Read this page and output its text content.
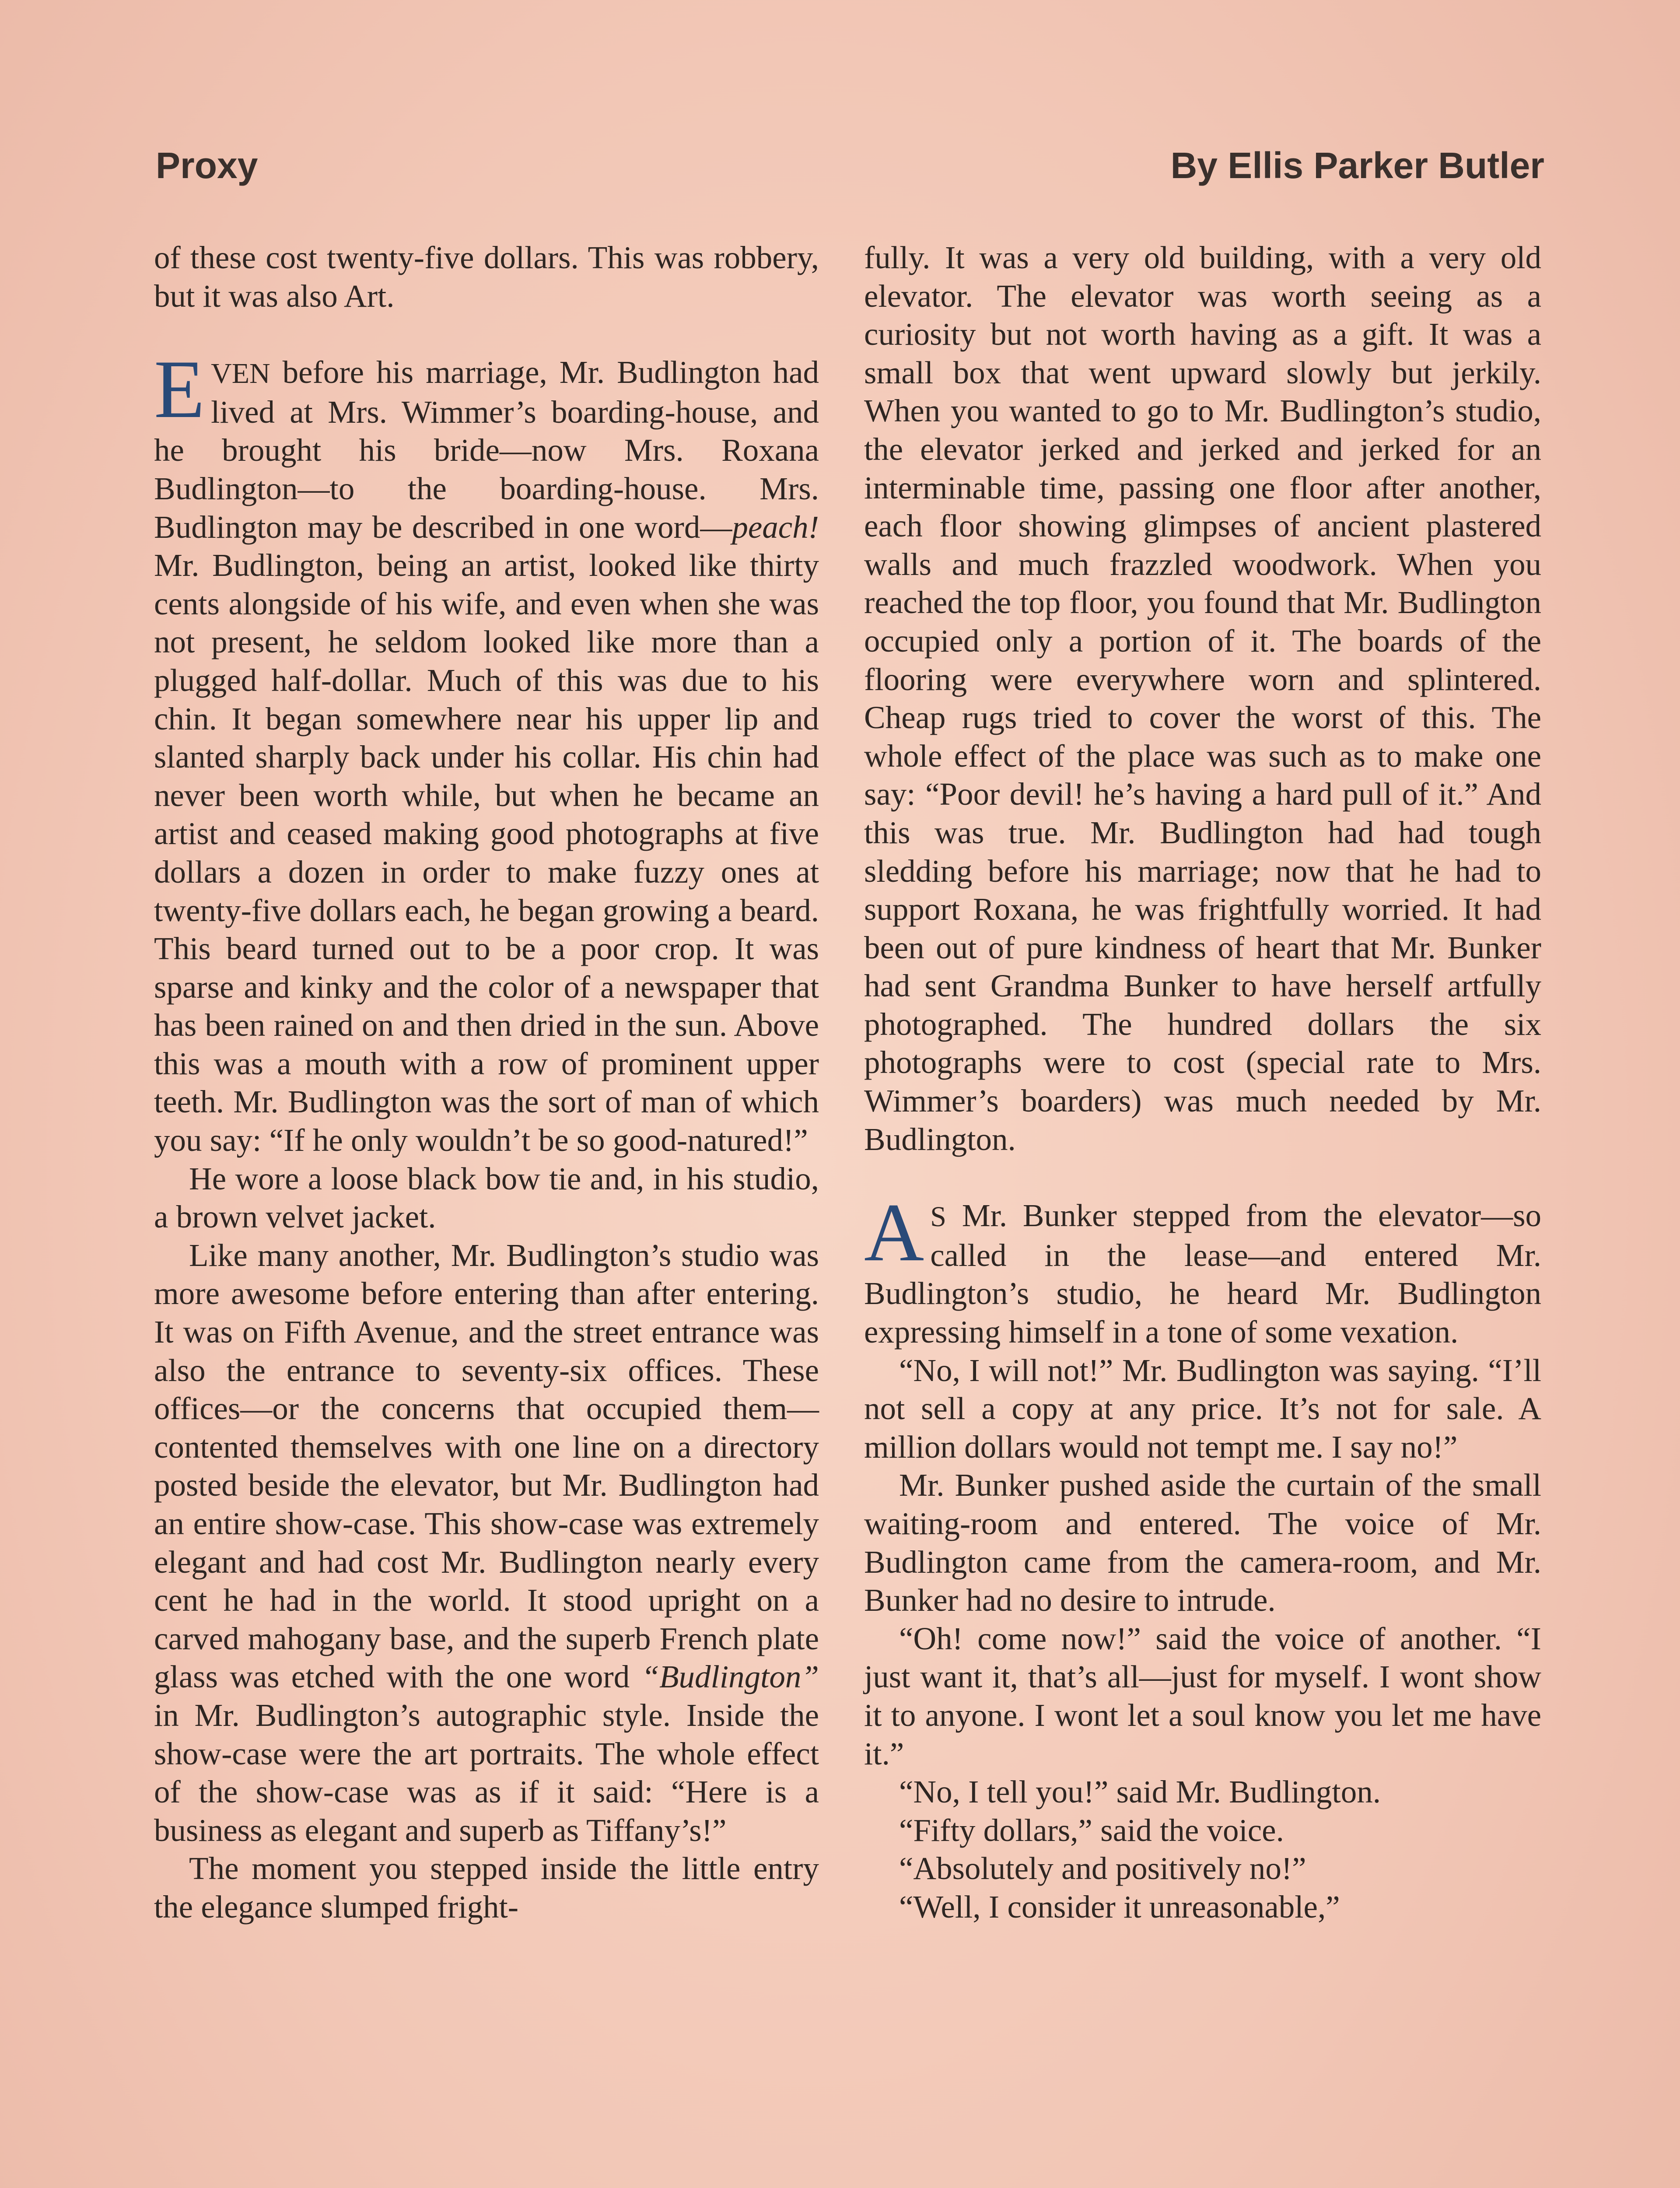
Proxy	By Ellis Parker Butler

of these cost twenty-five dollars. This was robbery, but it was also Art.

EVEN before his marriage, Mr. Budlington had lived at Mrs. Wimmer’s boarding-house, and he brought his bride—now Mrs. Roxana Budlington—to the boarding-house. Mrs. Budlington may be described in one word—peach! Mr. Budlington, being an artist, looked like thirty cents alongside of his wife, and even when she was not present, he seldom looked like more than a plugged half-dollar. Much of this was due to his chin. It began somewhere near his upper lip and slanted sharply back under his collar. His chin had never been worth while, but when he became an artist and ceased making good photographs at five dollars a dozen in order to make fuzzy ones at twenty-five dollars each, he began growing a beard. This beard turned out to be a poor crop. It was sparse and kinky and the color of a newspaper that has been rained on and then dried in the sun. Above this was a mouth with a row of prominent upper teeth. Mr. Budlington was the sort of man of which you say: “If he only wouldn’t be so good-natured!”

He wore a loose black bow tie and, in his studio, a brown velvet jacket.

Like many another, Mr. Budlington’s studio was more awesome before entering than after entering. It was on Fifth Avenue, and the street entrance was also the entrance to seventy-six offices. These offices—or the concerns that occupied them—contented themselves with one line on a directory posted beside the elevator, but Mr. Budlington had an entire show-case. This show-case was extremely elegant and had cost Mr. Budlington nearly every cent he had in the world. It stood upright on a carved mahogany base, and the superb French plate glass was etched with the one word “Budlington” in Mr. Budlington’s autographic style. Inside the show-case were the art portraits. The whole effect of the show-case was as if it said: “Here is a business as elegant and superb as Tiffany’s!”

The moment you stepped inside the little entry the elegance slumped fright-

fully. It was a very old building, with a very old elevator. The elevator was worth seeing as a curiosity but not worth having as a gift. It was a small box that went upward slowly but jerkily. When you wanted to go to Mr. Budlington’s studio, the elevator jerked and jerked and jerked for an interminable time, passing one floor after another, each floor showing glimpses of ancient plastered walls and much frazzled woodwork. When you reached the top floor, you found that Mr. Budlington occupied only a portion of it. The boards of the flooring were everywhere worn and splintered. Cheap rugs tried to cover the worst of this. The whole effect of the place was such as to make one say: “Poor devil! he’s having a hard pull of it.” And this was true. Mr. Budlington had had tough sledding before his marriage; now that he had to support Roxana, he was frightfully worried. It had been out of pure kindness of heart that Mr. Bunker had sent Grandma Bunker to have herself artfully photographed. The hundred dollars the six photographs were to cost (special rate to Mrs. Wimmer’s boarders) was much needed by Mr. Budlington.

A S Mr. Bunker stepped from the elevator—so called in the lease—and entered Mr. Budlington’s studio, he heard Mr. Budlington expressing himself in a tone of some vexation.

“No, I will not!” Mr. Budlington was saying. “I’ll not sell a copy at any price. It’s not for sale. A million dollars would not tempt me. I say no!”

Mr. Bunker pushed aside the curtain of the small waiting-room and entered. The voice of Mr. Budlington came from the camera-room, and Mr. Bunker had no desire to intrude.

“Oh! come now!” said the voice of another. “I just want it, that’s all—just for myself. I wont show it to anyone. I wont let a soul know you let me have it.”

“No, I tell you!” said Mr. Budlington.

“Fifty dollars,” said the voice.

“Absolutely and positively no!”

“Well, I consider it unreasonable,”
